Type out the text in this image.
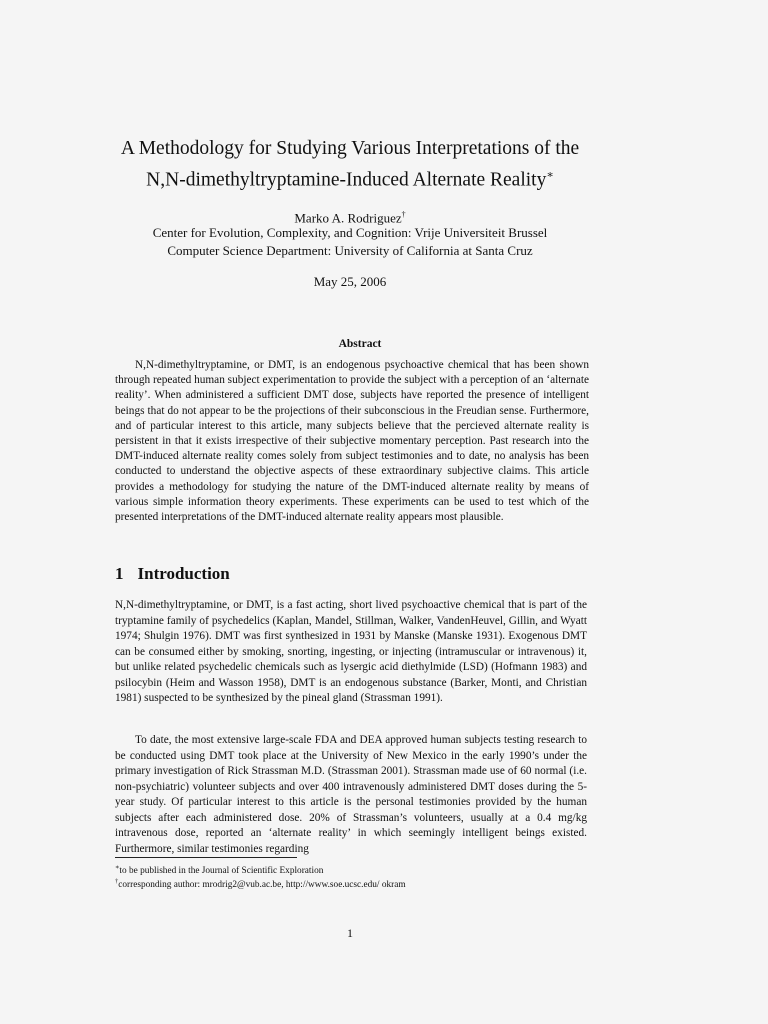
A Methodology for Studying Various Interpretations of the
N,N-dimethyltryptamine-Induced Alternate Reality∗
Marko A. Rodriguez†
Center for Evolution, Complexity, and Cognition: Vrije Universiteit Brussel
Computer Science Department: University of California at Santa Cruz
May 25, 2006
Abstract

N,N-dimethyltryptamine, or DMT, is an endogenous psychoactive chemical that has been shown through repeated human subject experimentation to provide the subject with a perception of an ‘alternate reality’. When administered a sufficient DMT dose, subjects have reported the presence of intelligent beings that do not appear to be the projections of their subconscious in the Freudian sense. Furthermore, and of particular interest to this article, many subjects believe that the percieved alternate reality is persistent in that it exists irrespective of their subjective momentary perception. Past research into the DMT-induced alternate reality comes solely from subject testimonies and to date, no analysis has been conducted to understand the objective aspects of these extraordinary subjective claims. This article provides a methodology for studying the nature of the DMT-induced alternate reality by means of various simple information theory experiments. These experiments can be used to test which of the presented interpretations of the DMT-induced alternate reality appears most plausible.

1 Introduction

N,N-dimethyltryptamine, or DMT, is a fast acting, short lived psychoactive chemical that is part of the tryptamine family of psychedelics (Kaplan, Mandel, Stillman, Walker, VandenHeuvel, Gillin, and Wyatt 1974; Shulgin 1976). DMT was first synthesized in 1931 by Manske (Manske 1931). Exogenous DMT can be consumed either by smoking, snorting, ingesting, or injecting (intramuscular or intravenous) it, but unlike related psychedelic chemicals such as lysergic acid diethylmide (LSD) (Hofmann 1983) and psilocybin (Heim and Wasson 1958), DMT is an endogenous substance (Barker, Monti, and Christian 1981) suspected to be synthesized by the pineal gland (Strassman 1991).

To date, the most extensive large-scale FDA and DEA approved human subjects testing research to be conducted using DMT took place at the University of New Mexico in the early 1990’s under the primary investigation of Rick Strassman M.D. (Strassman 2001). Strassman made use of 60 normal (i.e. non-psychiatric) volunteer subjects and over 400 intravenously administered DMT doses during the 5-year study. Of particular interest to this article is the personal testimonies provided by the human subjects after each administered dose. 20% of Strassman’s volunteers, usually at a 0.4 mg/kg intravenous dose, reported an ‘alternate reality’ in which seemingly intelligent beings existed. Furthermore, similar testimonies regarding

∗to be published in the Journal of Scientific Exploration
†corresponding author: mrodrig2@vub.ac.be, http://www.soe.ucsc.edu/ okram
1
